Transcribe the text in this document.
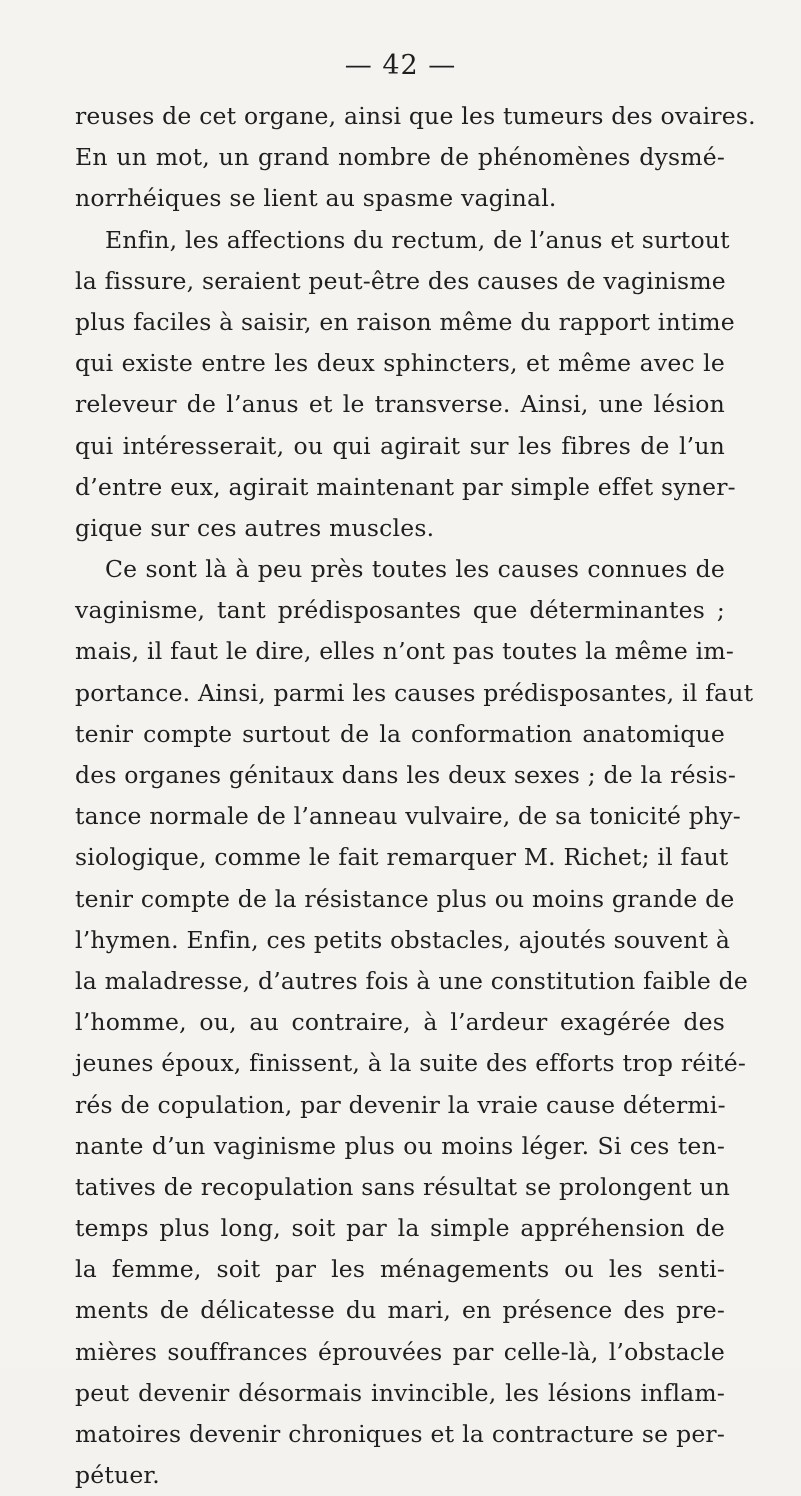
— 42 —
reuses de cet organe, ainsi que les tumeurs des ovaires.
En un mot, un grand nombre de phénomènes dysmé-
norrhéiques se lient au spasme vaginal.
Enfin, les affections du rectum, de l’anus et surtout
la fissure, seraient peut-être des causes de vaginisme
plus faciles à saisir, en raison même du rapport intime
qui existe entre les deux sphincters, et même avec le
releveur de l’anus et le transverse. Ainsi, une lésion
qui intéresserait, ou qui agirait sur les fibres de l’un
d’entre eux, agirait maintenant par simple effet syner-
gique sur ces autres muscles.
Ce sont là à peu près toutes les causes connues de
vaginisme, tant prédisposantes que déterminantes ;
mais, il faut le dire, elles n’ont pas toutes la même im-
portance. Ainsi, parmi les causes prédisposantes, il faut
tenir compte surtout de la conformation anatomique
des organes génitaux dans les deux sexes ; de la résis-
tance normale de l’anneau vulvaire, de sa tonicité phy-
siologique, comme le fait remarquer M. Richet; il faut
tenir compte de la résistance plus ou moins grande de
l’hymen. Enfin, ces petits obstacles, ajoutés souvent à
la maladresse, d’autres fois à une constitution faible de
l’homme, ou, au contraire, à l’ardeur exagérée des
jeunes époux, finissent, à la suite des efforts trop réité-
rés de copulation, par devenir la vraie cause détermi-
nante d’un vaginisme plus ou moins léger. Si ces ten-
tatives de recopulation sans résultat se prolongent un
temps plus long, soit par la simple appréhension de
la femme, soit par les ménagements ou les senti-
ments de délicatesse du mari, en présence des pre-
mières souffrances éprouvées par celle-là, l’obstacle
peut devenir désormais invincible, les lésions inflam-
matoires devenir chroniques et la contracture se per-
pétuer.
